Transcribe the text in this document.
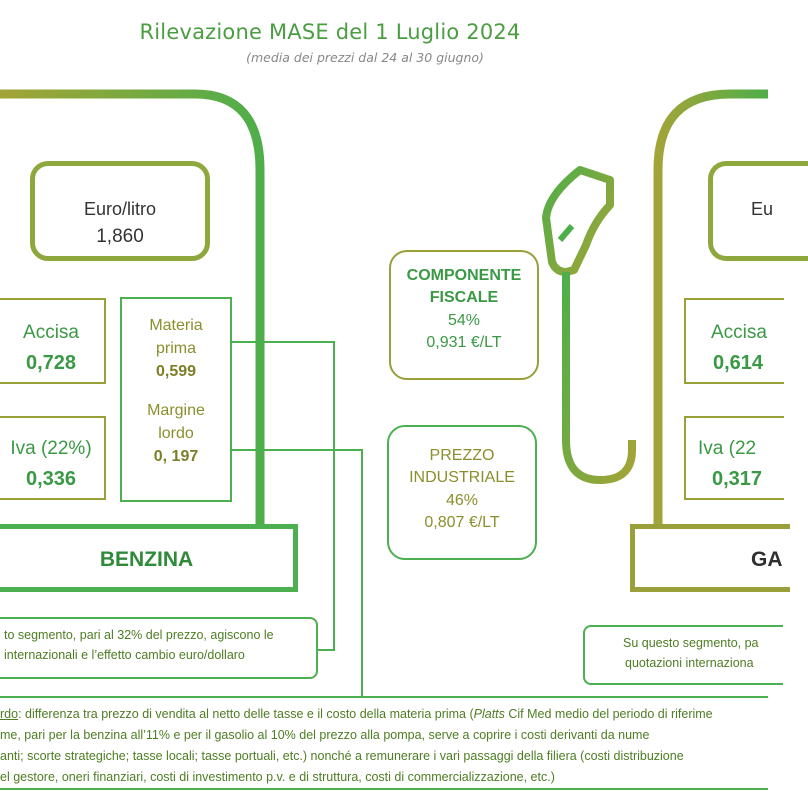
Rilevazione MASE del 1 Luglio 2024
(media dei prezzi dal 24 al 30 giugno)
Euro/litro
1,860
Accisa
0,728
Iva (22%)
0,336
Materia
prima
0,599
Margine
lordo
0, 197
BENZINA
to segmento, pari al 32% del prezzo, agiscono le
internazionali e l’effetto cambio euro/dollaro
COMPONENTE
FISCALE
54%
0,931 €/LT
PREZZO
INDUSTRIALE
46%
0,807 €/LT
Eu
Accisa
0,614
Iva (22
0,317
GA
Su questo segmento, pa
quotazioni internaziona
rdo: differenza tra prezzo di vendita al netto delle tasse e il costo della materia prima (Platts Cif Med medio del periodo di riferime
me, pari per la benzina all’11% e per il gasolio al 10% del prezzo alla pompa, serve a coprire i costi derivanti da nume
anti; scorte strategiche; tasse locali; tasse portuali, etc.) nonché a remunerare i vari passaggi della filiera (costi distribuzione
el gestore, oneri finanziari, costi di investimento p.v. e di struttura, costi di commercializzazione, etc.)
